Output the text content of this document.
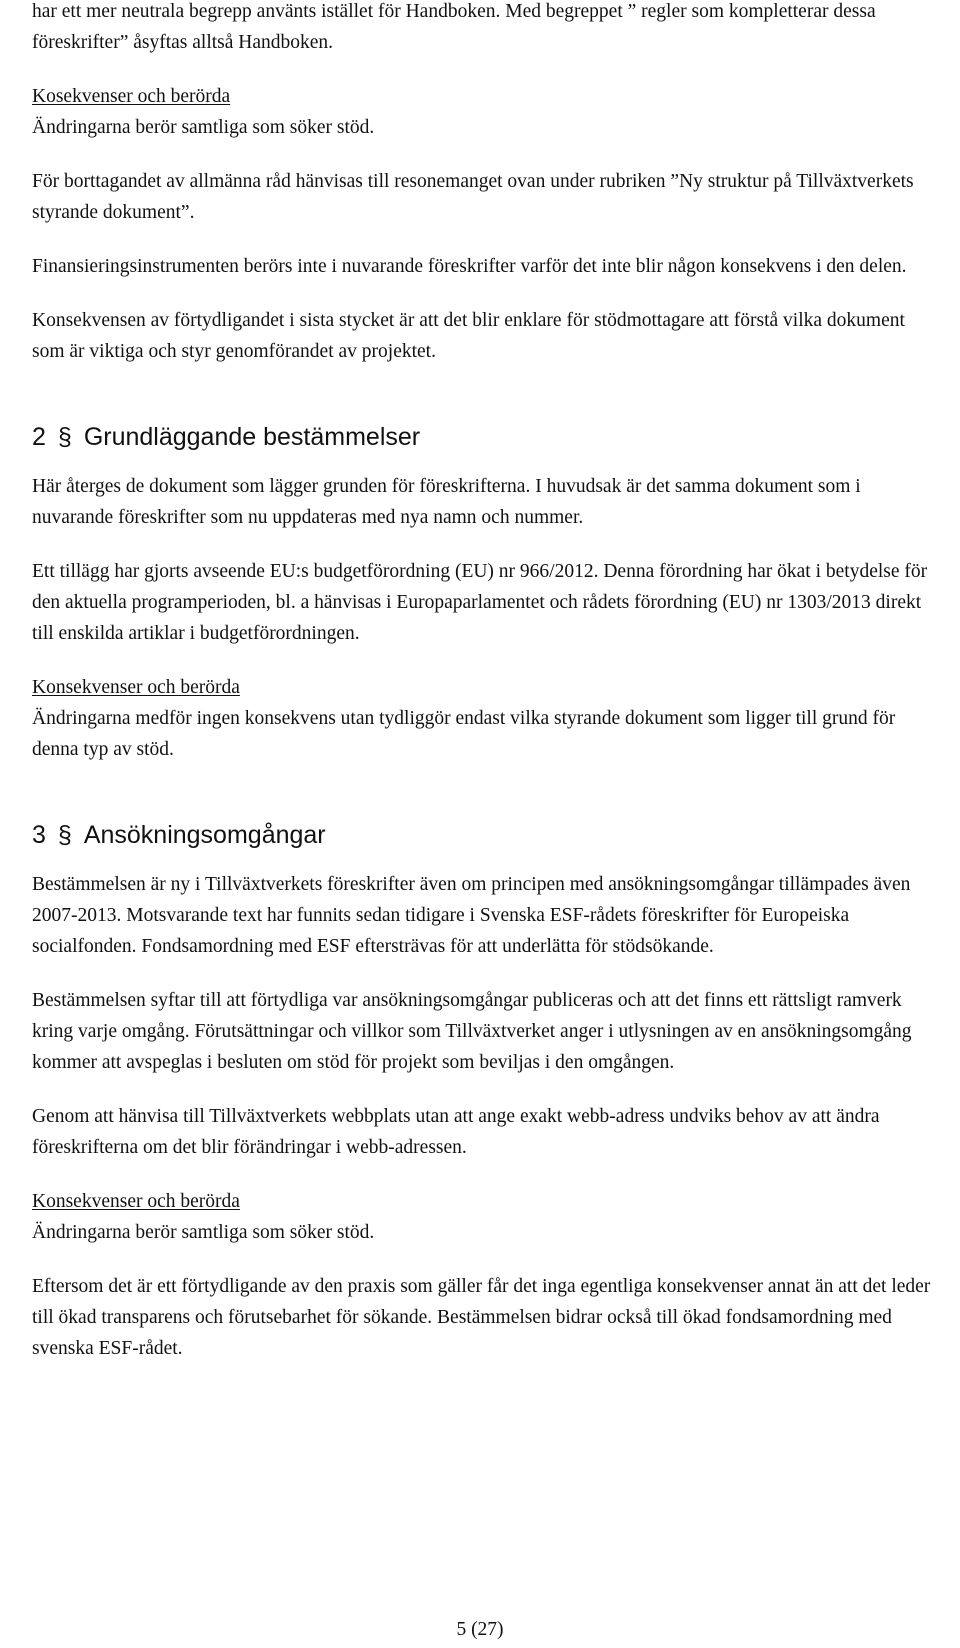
har ett mer neutrala begrepp använts istället för Handboken. Med begreppet ” regler som kompletterar dessa föreskrifter” åsyftas alltså Handboken.

Kosekvenser och berörda

Ändringarna berör samtliga som söker stöd.

För borttagandet av allmänna råd hänvisas till resonemanget ovan under rubriken ”Ny struktur på Tillväxtverkets styrande dokument”.

Finansieringsinstrumenten berörs inte i nuvarande föreskrifter varför det inte blir någon konsekvens i den delen.

Konsekvensen av förtydligandet i sista stycket är att det blir enklare för stödmottagare att förstå vilka dokument som är viktiga och styr genomförandet av projektet.

2 § Grundläggande bestämmelser

Här återges de dokument som lägger grunden för föreskrifterna. I huvudsak är det samma dokument som i nuvarande föreskrifter som nu uppdateras med nya namn och nummer.

Ett tillägg har gjorts avseende EU:s budgetförordning (EU) nr 966/2012. Denna förordning har ökat i betydelse för den aktuella programperioden, bl. a hänvisas i Europaparlamentet och rådets förordning (EU) nr 1303/2013 direkt till enskilda artiklar i budgetförordningen.

Konsekvenser och berörda

Ändringarna medför ingen konsekvens utan tydliggör endast vilka styrande dokument som ligger till grund för denna typ av stöd.

3 § Ansökningsomgångar

Bestämmelsen är ny i Tillväxtverkets föreskrifter även om principen med ansökningsomgångar tillämpades även 2007-2013. Motsvarande text har funnits sedan tidigare i Svenska ESF-rådets föreskrifter för Europeiska socialfonden. Fondsamordning med ESF eftersträvas för att underlätta för stödsökande.

Bestämmelsen syftar till att förtydliga var ansökningsomgångar publiceras och att det finns ett rättsligt ramverk kring varje omgång. Förutsättningar och villkor som Tillväxtverket anger i utlysningen av en ansökningsomgång kommer att avspeglas i besluten om stöd för projekt som beviljas i den omgången.

Genom att hänvisa till Tillväxtverkets webbplats utan att ange exakt webb-adress undviks behov av att ändra föreskrifterna om det blir förändringar i webb-adressen.

Konsekvenser och berörda

Ändringarna berör samtliga som söker stöd.

Eftersom det är ett förtydligande av den praxis som gäller får det inga egentliga konsekvenser annat än att det leder till ökad transparens och förutsebarhet för sökande. Bestämmelsen bidrar också till ökad fondsamordning med svenska ESF-rådet.

5 (27)
